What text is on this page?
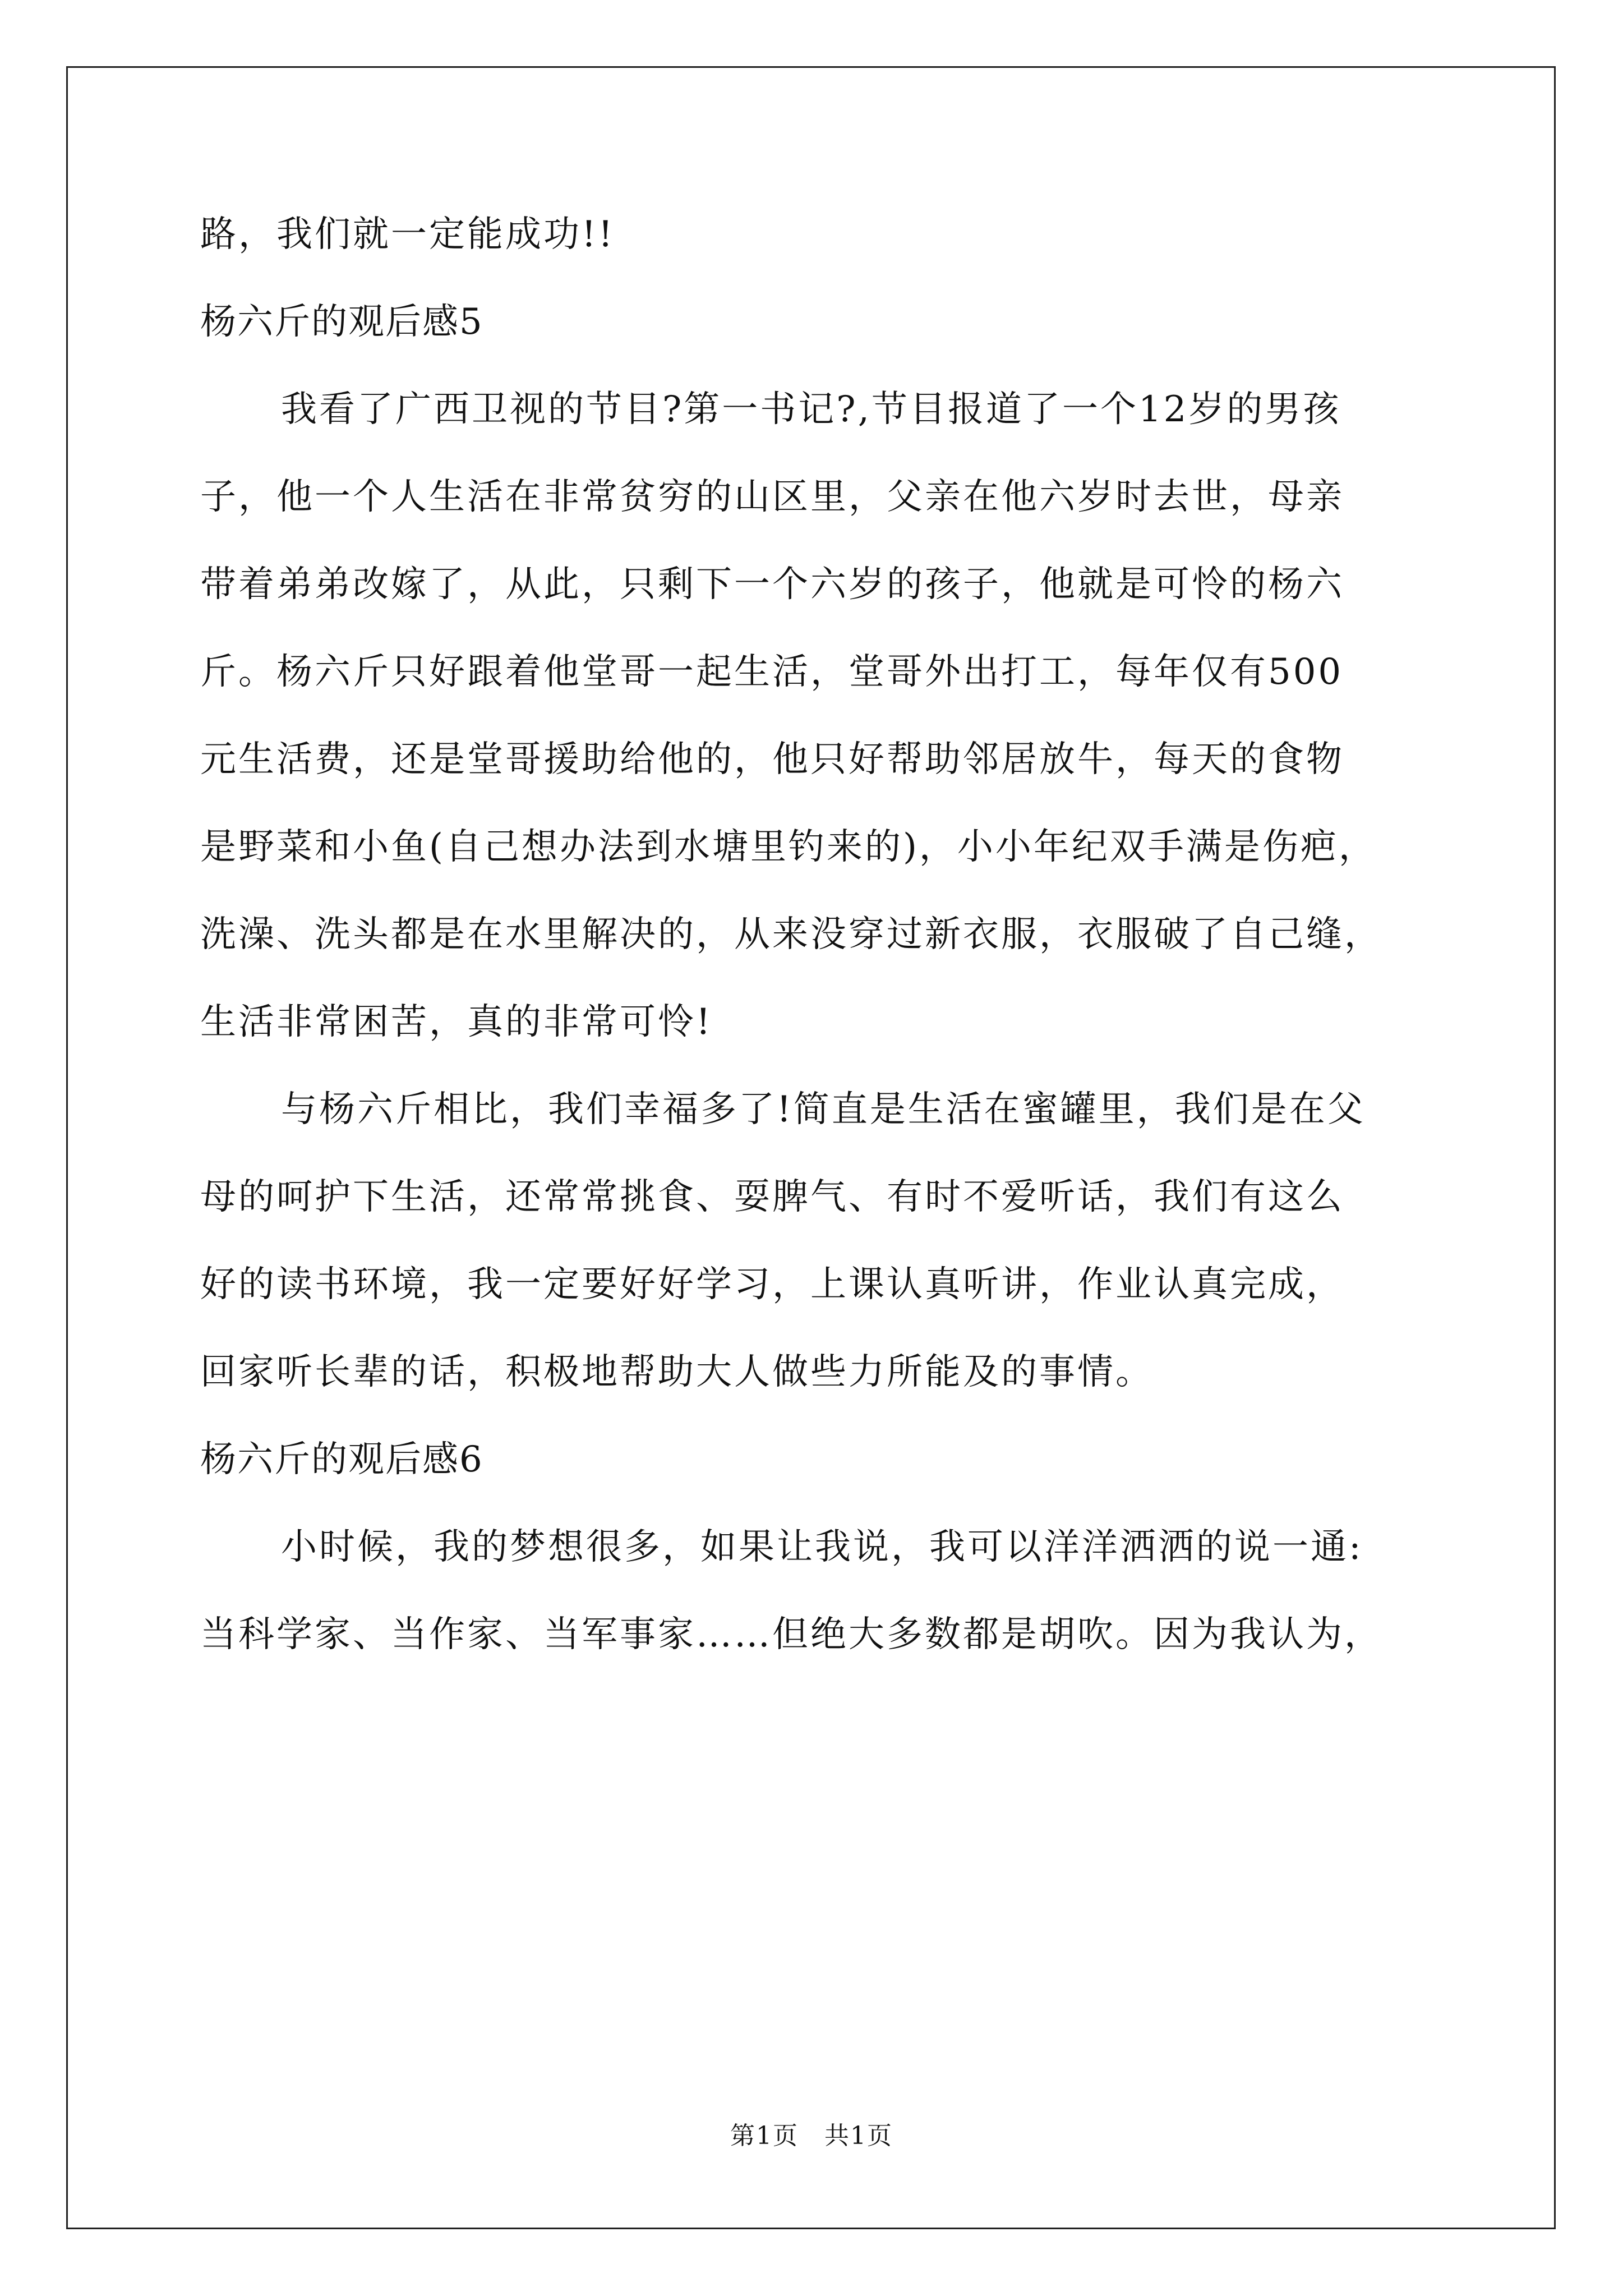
路，我们就一定能成功!!
杨六斤的观后感5
我看了广西卫视的节目?第一书记?,节目报道了一个12岁的男孩
子，他一个人生活在非常贫穷的山区里，父亲在他六岁时去世，母亲
带着弟弟改嫁了，从此，只剩下一个六岁的孩子，他就是可怜的杨六
斤。杨六斤只好跟着他堂哥一起生活，堂哥外出打工，每年仅有500
元生活费，还是堂哥援助给他的，他只好帮助邻居放牛，每天的食物
是野菜和小鱼(自己想办法到水塘里钓来的)，小小年纪双手满是伤疤，
洗澡、洗头都是在水里解决的，从来没穿过新衣服，衣服破了自己缝，
生活非常困苦，真的非常可怜!
与杨六斤相比，我们幸福多了!简直是生活在蜜罐里，我们是在父
母的呵护下生活，还常常挑食、耍脾气、有时不爱听话，我们有这么
好的读书环境，我一定要好好学习，上课认真听讲，作业认真完成，
回家听长辈的话，积极地帮助大人做些力所能及的事情。
杨六斤的观后感6
小时候，我的梦想很多，如果让我说，我可以洋洋洒洒的说一通:
当科学家、当作家、当军事家……但绝大多数都是胡吹。因为我认为，
第1页　共1页
